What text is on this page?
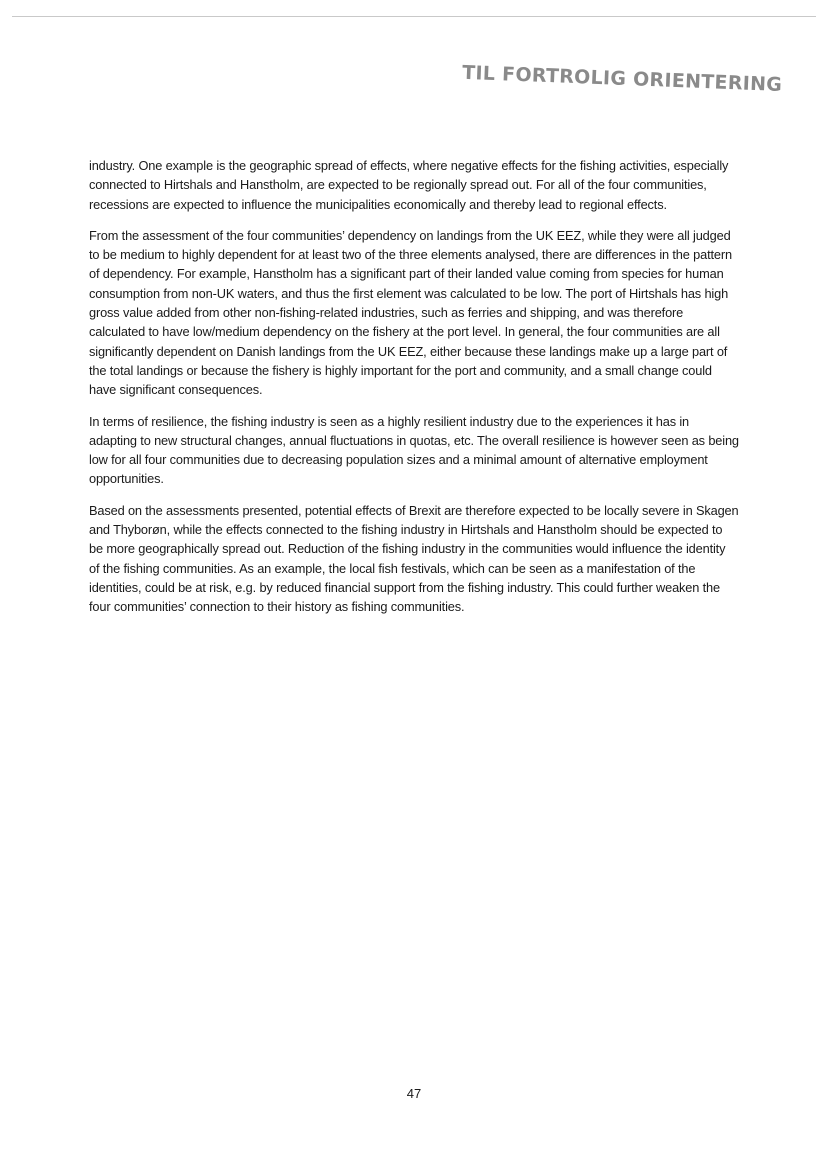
TIL FORTROLIG ORIENTERING

industry. One example is the geographic spread of effects, where negative effects for the fishing activities, especially connected to Hirtshals and Hanstholm, are expected to be regionally spread out. For all of the four communities, recessions are expected to influence the municipalities economically and thereby lead to regional effects.

From the assessment of the four communities’ dependency on landings from the UK EEZ, while they were all judged to be medium to highly dependent for at least two of the three elements analysed, there are differences in the pattern of dependency. For example, Hanstholm has a significant part of their landed value coming from species for human consumption from non-UK waters, and thus the first element was calculated to be low. The port of Hirtshals has high gross value added from other non-fishing-related industries, such as ferries and shipping, and was therefore calculated to have low/medium dependency on the fishery at the port level. In general, the four communities are all significantly dependent on Danish landings from the UK EEZ, either because these landings make up a large part of the total landings or because the fishery is highly important for the port and community, and a small change could have significant consequences.

In terms of resilience, the fishing industry is seen as a highly resilient industry due to the experiences it has in adapting to new structural changes, annual fluctuations in quotas, etc. The overall resilience is however seen as being low for all four communities due to decreasing population sizes and a minimal amount of alternative employment opportunities.

Based on the assessments presented, potential effects of Brexit are therefore expected to be locally severe in Skagen and Thyborøn, while the effects connected to the fishing industry in Hirtshals and Hanstholm should be expected to be more geographically spread out. Reduction of the fishing industry in the communities would influence the identity of the fishing communities. As an example, the local fish festivals, which can be seen as a manifestation of the identities, could be at risk, e.g. by reduced financial support from the fishing industry. This could further weaken the four communities’ connection to their history as fishing communities.

47
